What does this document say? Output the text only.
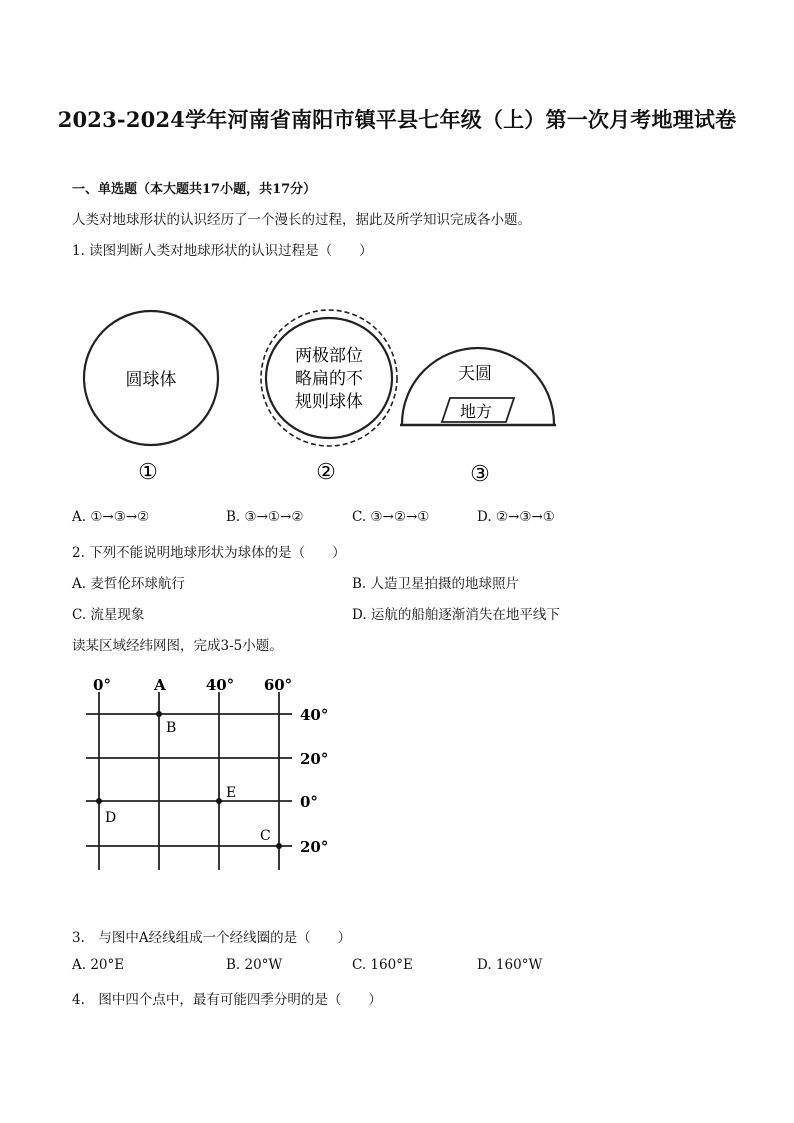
2023-2024学年河南省南阳市镇平县七年级（上）第一次月考地理试卷
一、单选题（本大题共17小题，共17分）
人类对地球形状的认识经历了一个漫长的过程，据此及所学知识完成各小题。
1. 读图判断人类对地球形状的认识过程是（　　）
圆球体
两极部位
略扁的不
规则球体
天圆
地方
①	②	③
A. ①→③→②	B. ③→①→②	C. ③→②→①	D. ②→③→①
2. 下列不能说明地球形状为球体的是（　　）
A. 麦哲伦环球航行	B. 人造卫星拍摄的地球照片
C. 流星现象	D. 运航的船舶逐渐消失在地平线下
读某区域经纬网图，完成3-5小题。
0°	A	40° 60°
40°
20°
0°
20°
B
E
D
C
3.　与图中A经线组成一个经线圈的是（　　）
A. 20°E	B. 20°W	C. 160°E	D. 160°W
4.　图中四个点中，最有可能四季分明的是（　　）
